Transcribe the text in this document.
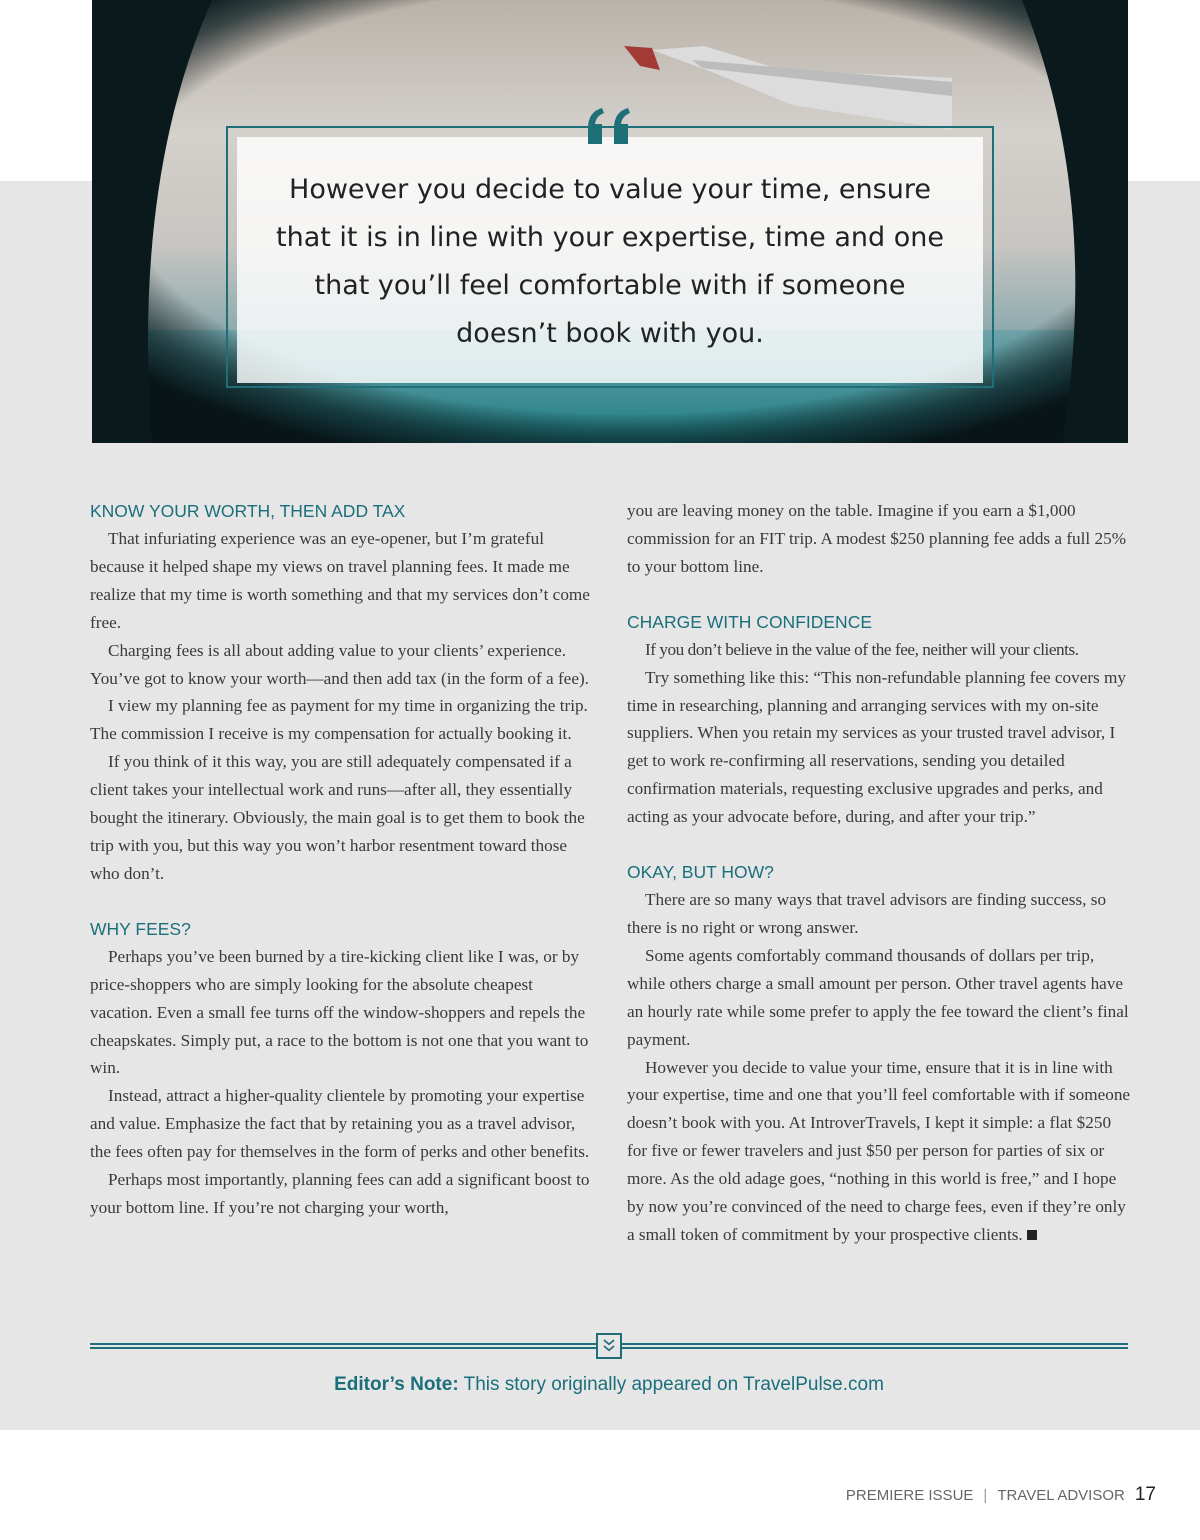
However you decide to value your time, ensure that it is in line with your expertise, time and one that you’ll feel comfortable with if someone doesn’t book with you.
KNOW YOUR WORTH, THEN ADD TAX

That infuriating experience was an eye-opener, but I’m grateful because it helped shape my views on travel planning fees. It made me realize that my time is worth something and that my services don’t come free.

Charging fees is all about adding value to your clients’ experience. You’ve got to know your worth—and then add tax (in the form of a fee).

I view my planning fee as payment for my time in organizing the trip. The commission I receive is my compensation for actually booking it.

If you think of it this way, you are still adequately compensated if a client takes your intellectual work and runs—after all, they essentially bought the itinerary. Obviously, the main goal is to get them to book the trip with you, but this way you won’t harbor resentment toward those who don’t.

WHY FEES?

Perhaps you’ve been burned by a tire-kicking client like I was, or by price-shoppers who are simply looking for the absolute cheapest vacation. Even a small fee turns off the window-shoppers and repels the cheapskates. Simply put, a race to the bottom is not one that you want to win.

Instead, attract a higher-quality clientele by promoting your expertise and value. Emphasize the fact that by retaining you as a travel advisor, the fees often pay for themselves in the form of perks and other benefits.

Perhaps most importantly, planning fees can add a significant boost to your bottom line. If you’re not charging your worth,

you are leaving money on the table. Imagine if you earn a $1,000 commission for an FIT trip. A modest $250 planning fee adds a full 25% to your bottom line.

CHARGE WITH CONFIDENCE

If you don’t believe in the value of the fee, neither will your clients.

Try something like this: “This non-refundable planning fee covers my time in researching, planning and arranging services with my on-site suppliers. When you retain my services as your trusted travel advisor, I get to work re-confirming all reservations, sending you detailed confirmation materials, requesting exclusive upgrades and perks, and acting as your advocate before, during, and after your trip.”

OKAY, BUT HOW?

There are so many ways that travel advisors are finding success, so there is no right or wrong answer.

Some agents comfortably command thousands of dollars per trip, while others charge a small amount per person. Other travel agents have an hourly rate while some prefer to apply the fee toward the client’s final payment.

However you decide to value your time, ensure that it is in line with your expertise, time and one that you’ll feel comfortable with if someone doesn’t book with you. At IntroverTravels, I kept it simple: a flat $250 for five or fewer travelers and just $50 per person for parties of six or more. As the old adage goes, “nothing in this world is free,” and I hope by now you’re convinced of the need to charge fees, even if they’re only a small token of commitment by your prospective clients.

Editor’s Note: This story originally appeared on TravelPulse.com
PREMIERE ISSUE | TRAVEL ADVISOR 17
